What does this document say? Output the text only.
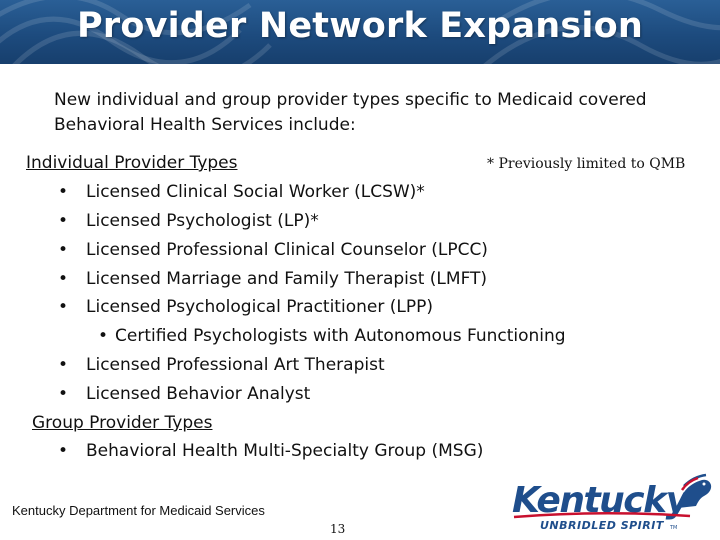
Provider Network Expansion
New individual and group provider types specific to Medicaid covered Behavioral Health Services include:
* Previously limited to QMB
Individual Provider Types
• Licensed Clinical Social Worker (LCSW)*
• Licensed Psychologist (LP)*
• Licensed Professional Clinical Counselor (LPCC)
• Licensed Marriage and Family Therapist (LMFT)
• Licensed Psychological Practitioner (LPP)
• Certified Psychologists with Autonomous Functioning
• Licensed Professional Art Therapist
• Licensed Behavior Analyst
Group Provider Types
• Behavioral Health Multi-Specialty Group (MSG)
Kentucky Department for Medicaid Services
13
Kentucky
UNBRIDLED SPIRIT TM
